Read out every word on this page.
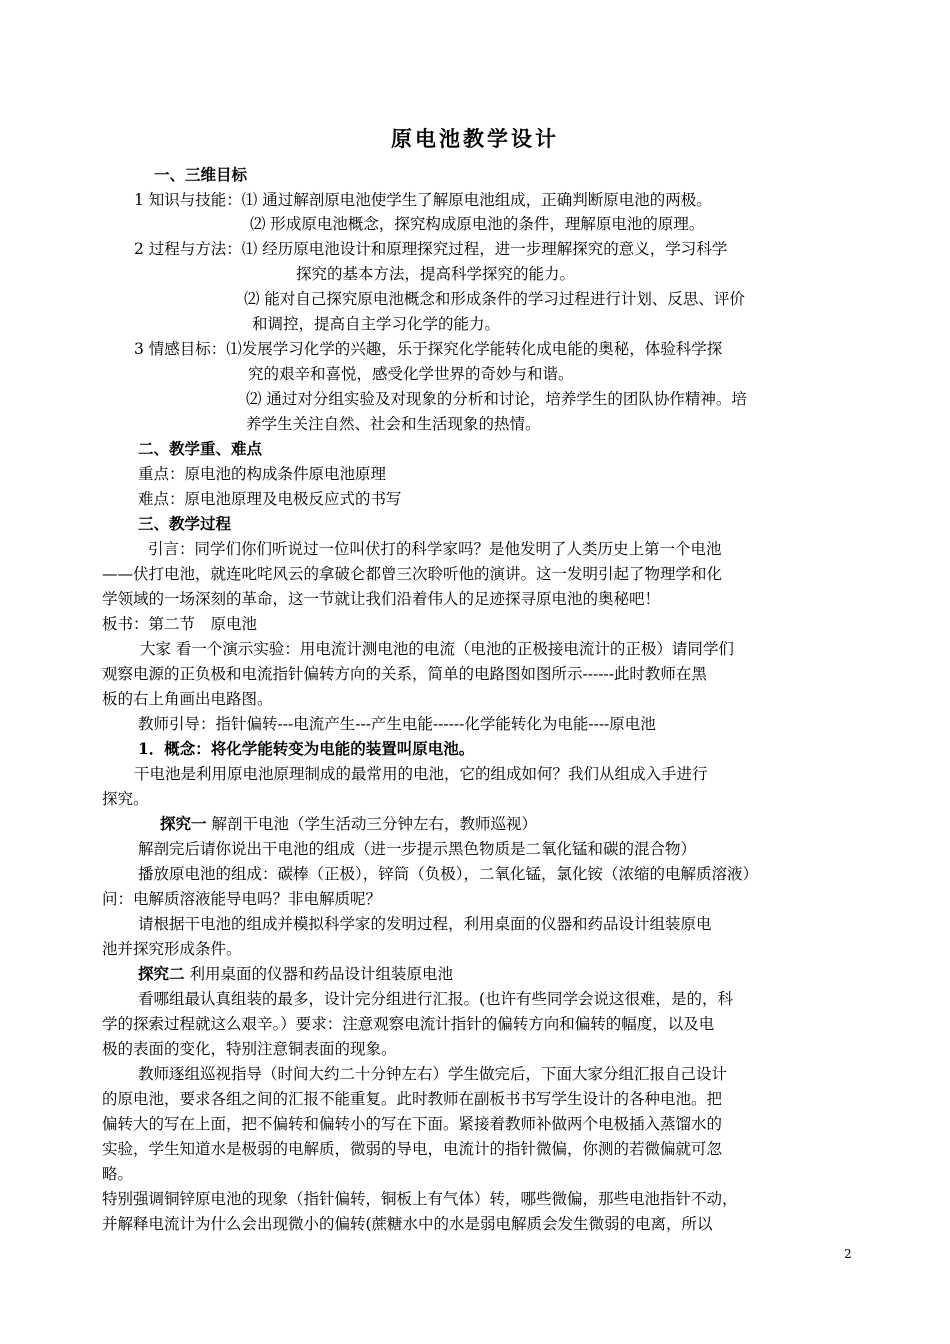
原电池教学设计
一、三维目标
1 知识与技能：⑴ 通过解剖原电池使学生了解原电池组成，正确判断原电池的两极。
⑵ 形成原电池概念，探究构成原电池的条件，理解原电池的原理。
2 过程与方法：⑴ 经历原电池设计和原理探究过程，进一步理解探究的意义，学习科学
探究的基本方法，提高科学探究的能力。
⑵ 能对自己探究原电池概念和形成条件的学习过程进行计划、反思、评价
和调控，提高自主学习化学的能力。
3 情感目标：⑴发展学习化学的兴趣，乐于探究化学能转化成电能的奥秘，体验科学探
究的艰辛和喜悦，感受化学世界的奇妙与和谐。
⑵ 通过对分组实验及对现象的分析和讨论，培养学生的团队协作精神。培
养学生关注自然、社会和生活现象的热情。
二、教学重、难点
重点：原电池的构成条件原电池原理
难点：原电池原理及电极反应式的书写
三、教学过程
引言：同学们你们听说过一位叫伏打的科学家吗？是他发明了人类历史上第一个电池
——伏打电池，就连叱咤风云的拿破仑都曾三次聆听他的演讲。这一发明引起了物理学和化
学领域的一场深刻的革命，这一节就让我们沿着伟人的足迹探寻原电池的奥秘吧！
板书：第二节　原电池
大家 看一个演示实验：用电流计测电池的电流（电池的正极接电流计的正极）请同学们
观察电源的正负极和电流指针偏转方向的关系，简单的电路图如图所示------此时教师在黑
板的右上角画出电路图。
教师引导：指针偏转---电流产生---产生电能------化学能转化为电能----原电池
1．概念：将化学能转变为电能的装置叫原电池。
干电池是利用原电池原理制成的最常用的电池，它的组成如何？我们从组成入手进行
探究。
探究一 解剖干电池（学生活动三分钟左右，教师巡视）
解剖完后请你说出干电池的组成（进一步提示黑色物质是二氧化锰和碳的混合物）
播放原电池的组成：碳棒（正极），锌筒（负极），二氧化锰，氯化铵（浓缩的电解质溶液）
问：电解质溶液能导电吗？非电解质呢？
请根据干电池的组成并模拟科学家的发明过程，利用桌面的仪器和药品设计组装原电
池并探究形成条件。
探究二 利用桌面的仪器和药品设计组装原电池
看哪组最认真组装的最多，设计完分组进行汇报。(也许有些同学会说这很难，是的，科
学的探索过程就这么艰辛。）要求：注意观察电流计指针的偏转方向和偏转的幅度，以及电
极的表面的变化，特别注意铜表面的现象。
教师逐组巡视指导（时间大约二十分钟左右）学生做完后，下面大家分组汇报自己设计
的原电池，要求各组之间的汇报不能重复。此时教师在副板书书写学生设计的各种电池。把
偏转大的写在上面，把不偏转和偏转小的写在下面。紧接着教师补做两个电极插入蒸馏水的
实验，学生知道水是极弱的电解质，微弱的导电，电流计的指针微偏，你测的若微偏就可忽
略。
特别强调铜锌原电池的现象（指针偏转，铜板上有气体）转，哪些微偏，那些电池指针不动，
并解释电流计为什么会出现微小的偏转(蔗糖水中的水是弱电解质会发生微弱的电离，所以
2
